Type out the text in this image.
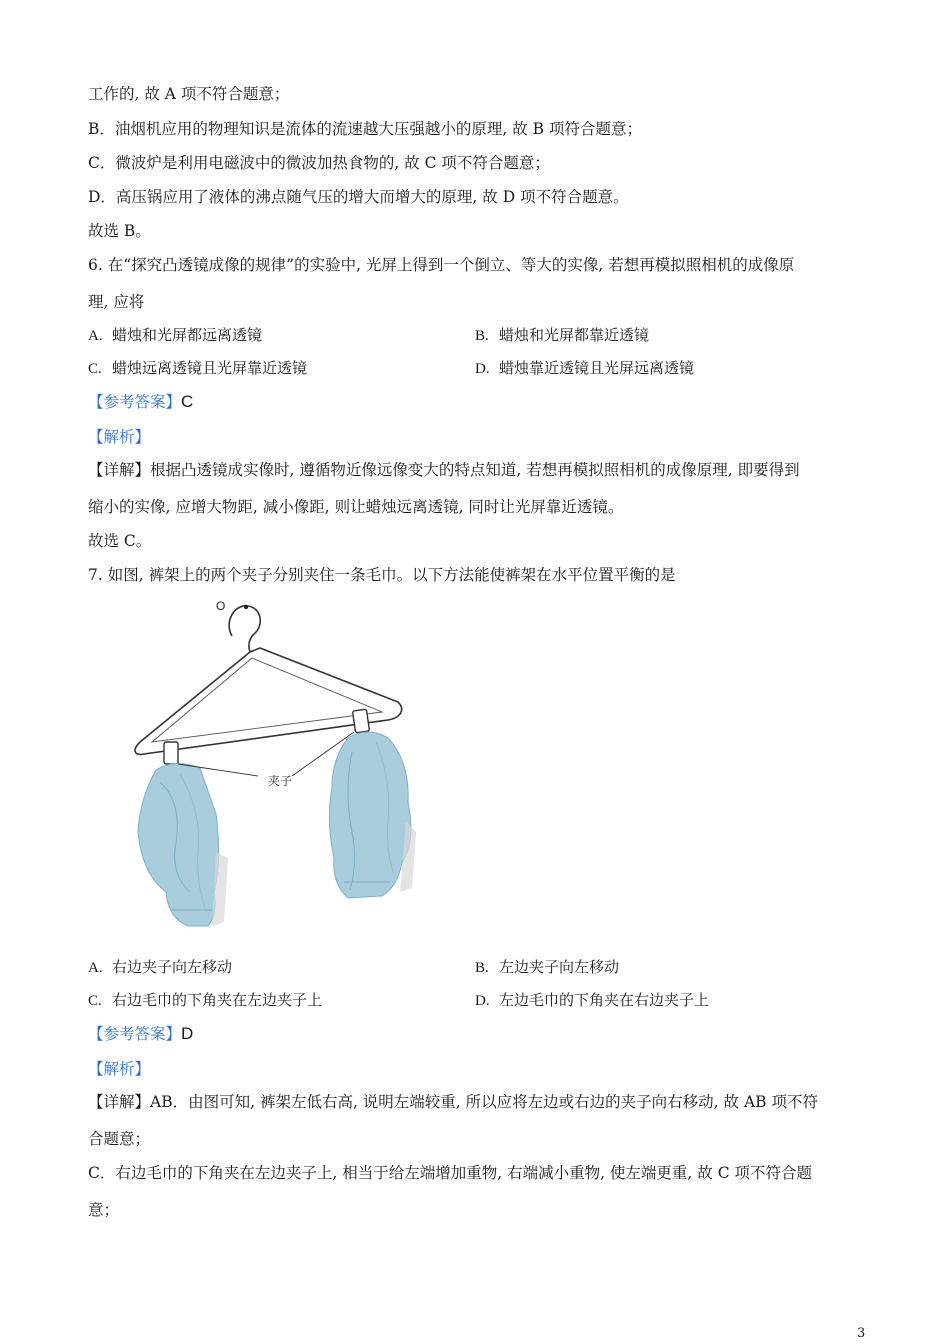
工作的, 故 A 项不符合题意；
B．油烟机应用的物理知识是流体的流速越大压强越小的原理, 故 B 项符合题意；
C．微波炉是利用电磁波中的微波加热食物的, 故 C 项不符合题意；
D．高压锅应用了液体的沸点随气压的增大而增大的原理, 故 D 项不符合题意。
故选 B。
6. 在“探究凸透镜成像的规律”的实验中, 光屏上得到一个倒立、等大的实像, 若想再模拟照相机的成像原
理, 应将
A. 蜡烛和光屏都远离透镜	B. 蜡烛和光屏都靠近透镜
C. 蜡烛远离透镜且光屏靠近透镜	D. 蜡烛靠近透镜且光屏远离透镜
【参考答案】C
【解析】
【详解】根据凸透镜成实像时, 遵循物近像远像变大的特点知道, 若想再模拟照相机的成像原理, 即要得到
缩小的实像, 应增大物距, 减小像距, 则让蜡烛远离透镜, 同时让光屏靠近透镜。
故选 C。
7. 如图, 裤架上的两个夹子分别夹住一条毛巾。以下方法能使裤架在水平位置平衡的是
O
夹子
A. 右边夹子向左移动	B. 左边夹子向左移动
C. 右边毛巾的下角夹在左边夹子上	D. 左边毛巾的下角夹在右边夹子上
【参考答案】D
【解析】
【详解】AB．由图可知, 裤架左低右高, 说明左端较重, 所以应将左边或右边的夹子向右移动, 故 AB 项不符
合题意；
C．右边毛巾的下角夹在左边夹子上, 相当于给左端增加重物, 右端减小重物, 使左端更重, 故 C 项不符合题
意；
3
